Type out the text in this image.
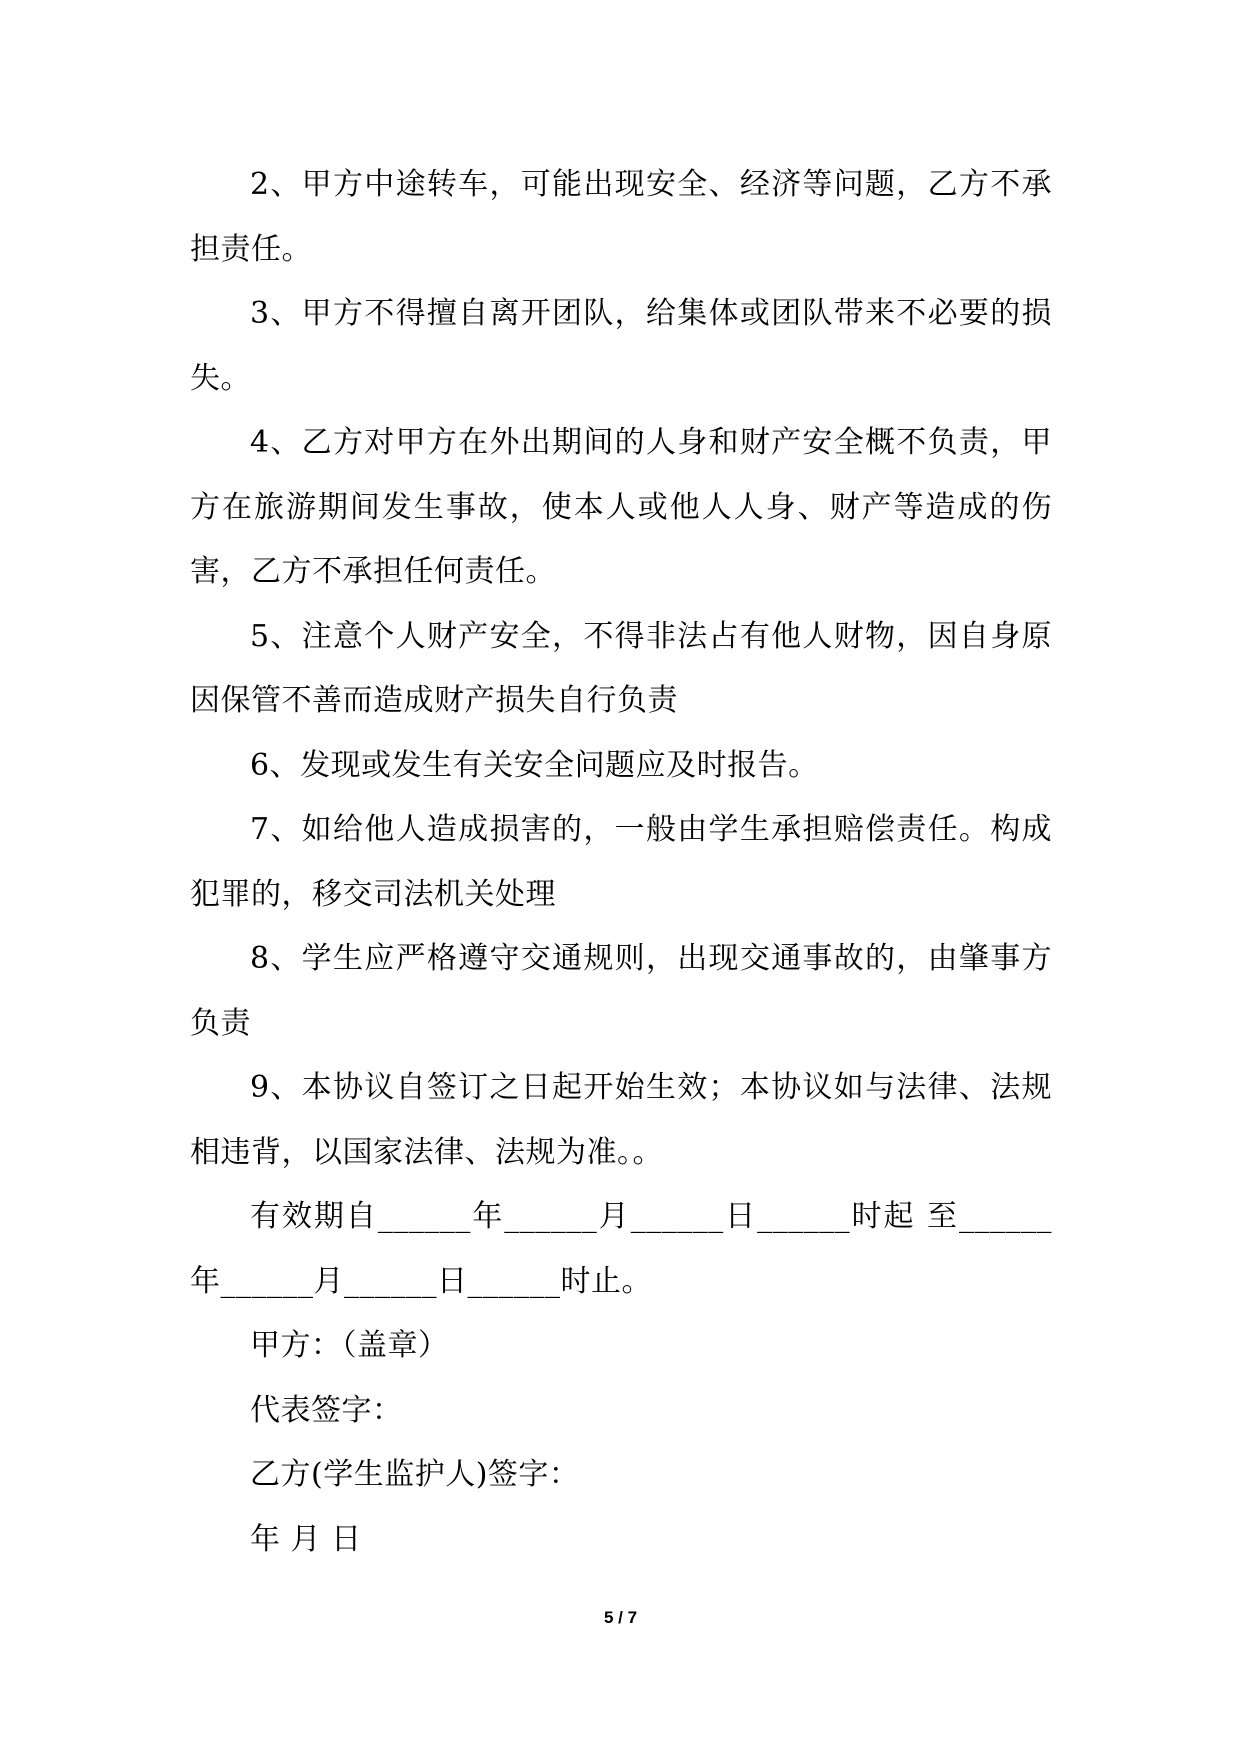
2、甲方中途转车，可能出现安全、经济等问题，乙方不承担责任。

3、甲方不得擅自离开团队，给集体或团队带来不必要的损失。

4、乙方对甲方在外出期间的人身和财产安全概不负责，甲方在旅游期间发生事故，使本人或他人人身、财产等造成的伤害，乙方不承担任何责任。

5、注意个人财产安全，不得非法占有他人财物，因自身原因保管不善而造成财产损失自行负责

6、发现或发生有关安全问题应及时报告。

7、如给他人造成损害的，一般由学生承担赔偿责任。构成犯罪的，移交司法机关处理

8、学生应严格遵守交通规则，出现交通事故的，由肇事方负责

9、本协议自签订之日起开始生效；本协议如与法律、法规相违背，以国家法律、法规为准。。

有效期自______年______月______日______时起 至______年______月______日______时止。

甲方：（盖章）

代表签字：

乙方(学生监护人)签字：

年 月 日

5 / 7
